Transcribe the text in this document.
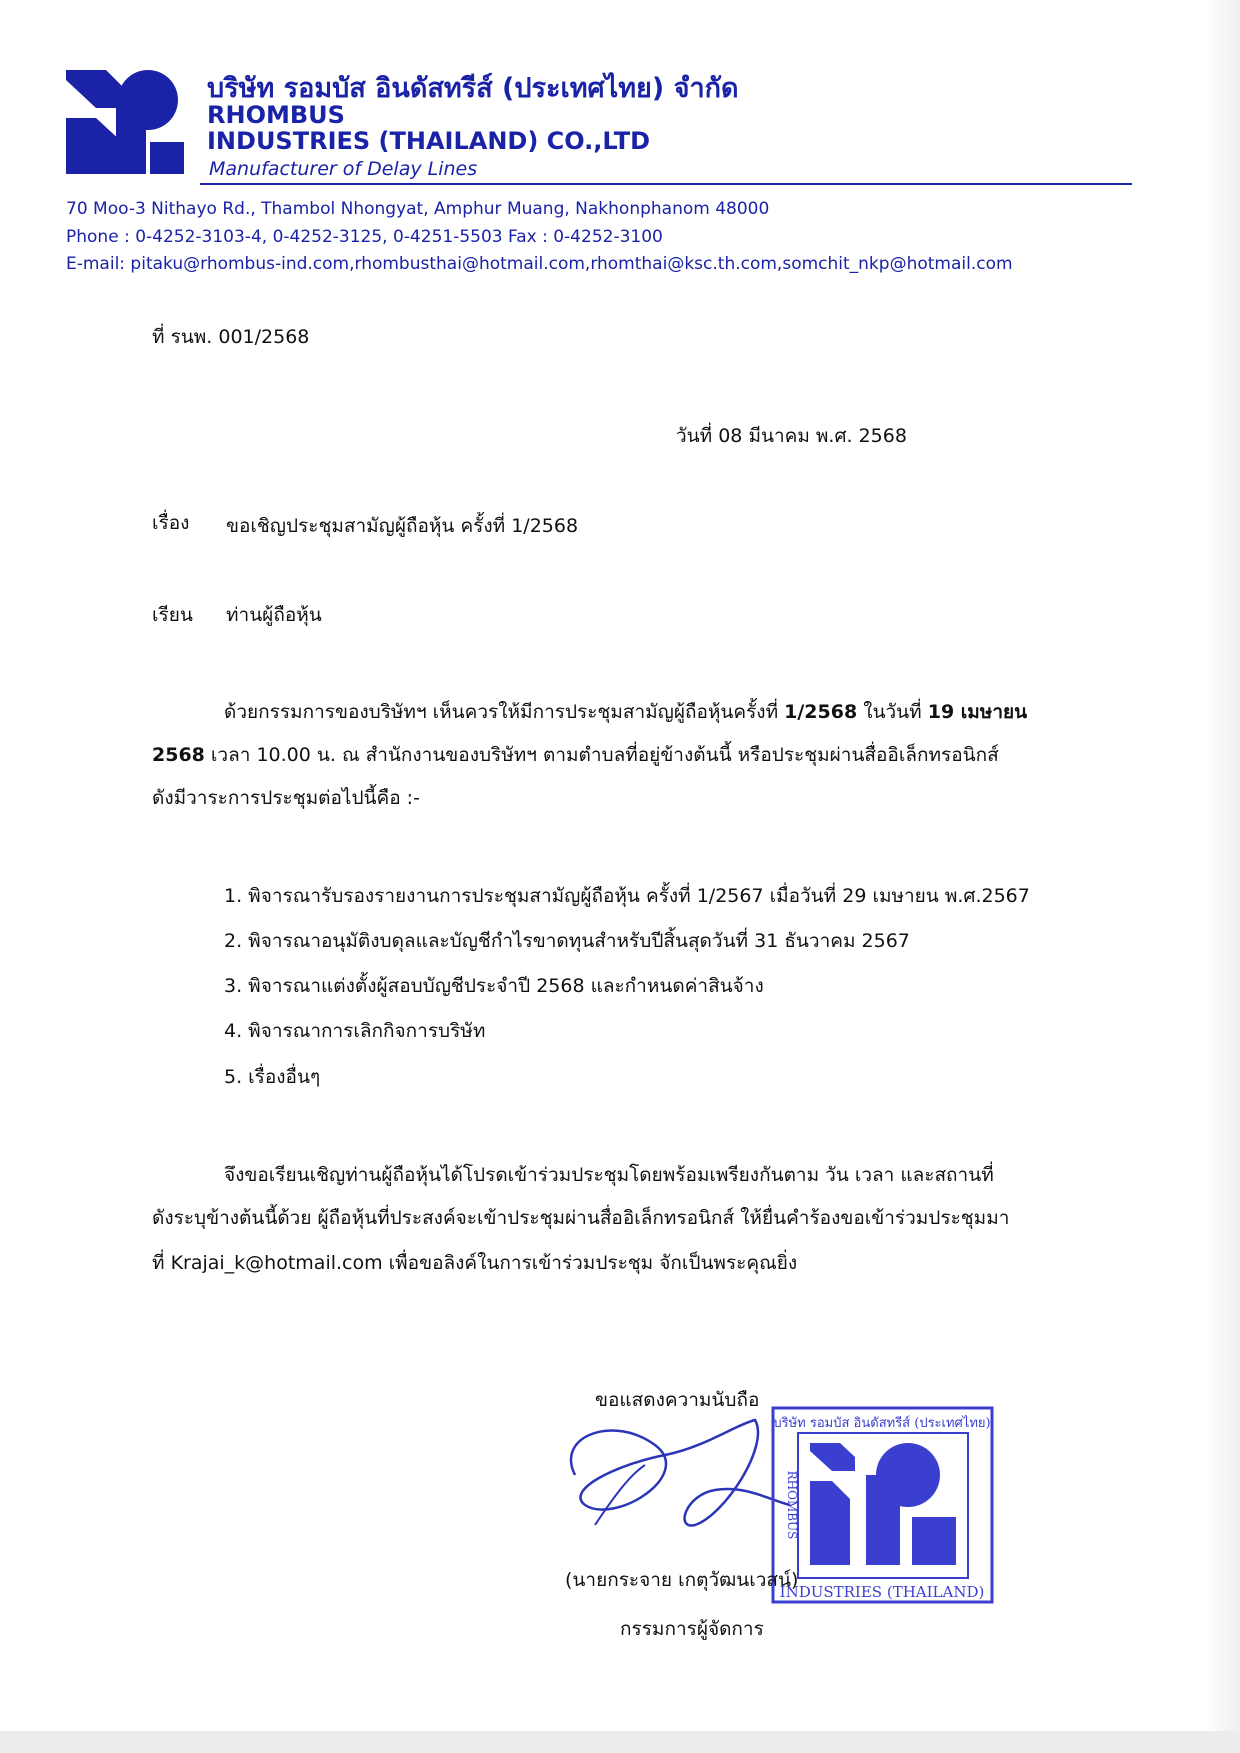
บริษัท รอมบัส อินดัสทรีส์ (ประเทศไทย) จำกัด
RHOMBUS
INDUSTRIES (THAILAND) CO.,LTD
Manufacturer of Delay Lines
70 Moo-3 Nithayo Rd., Thambol Nhongyat, Amphur Muang, Nakhonphanom 48000
Phone : 0-4252-3103-4, 0-4252-3125, 0-4251-5503 Fax : 0-4252-3100
E-mail: pitaku@rhombus-ind.com,rhombusthai@hotmail.com,rhomthai@ksc.th.com,somchit_nkp@hotmail.com
ที่ รนพ. 001/2568
วันที่ 08 มีนาคม พ.ศ. 2568
เรื่อง ขอเชิญประชุมสามัญผู้ถือหุ้น ครั้งที่ 1/2568
เรียน ท่านผู้ถือหุ้น
ด้วยกรรมการของบริษัทฯ เห็นควรให้มีการประชุมสามัญผู้ถือหุ้นครั้งที่ 1/2568 ในวันที่ 19 เมษายน
2568 เวลา 10.00 น. ณ สำนักงานของบริษัทฯ ตามตำบลที่อยู่ข้างต้นนี้ หรือประชุมผ่านสื่ออิเล็กทรอนิกส์
ดังมีวาระการประชุมต่อไปนี้คือ :-
1. พิจารณารับรองรายงานการประชุมสามัญผู้ถือหุ้น ครั้งที่ 1/2567 เมื่อวันที่ 29 เมษายน พ.ศ.2567
2. พิจารณาอนุมัติงบดุลและบัญชีกำไรขาดทุนสำหรับปีสิ้นสุดวันที่ 31 ธันวาคม 2567
3. พิจารณาแต่งตั้งผู้สอบบัญชีประจำปี 2568 และกำหนดค่าสินจ้าง
4. พิจารณาการเลิกกิจการบริษัท
5. เรื่องอื่นๆ
จึงขอเรียนเชิญท่านผู้ถือหุ้นได้โปรดเข้าร่วมประชุมโดยพร้อมเพรียงกันตาม วัน เวลา และสถานที่
ดังระบุข้างต้นนี้ด้วย ผู้ถือหุ้นที่ประสงค์จะเข้าประชุมผ่านสื่ออิเล็กทรอนิกส์ ให้ยื่นคำร้องขอเข้าร่วมประชุมมา
ที่ Krajai_k@hotmail.com เพื่อขอลิงค์ในการเข้าร่วมประชุม จักเป็นพระคุณยิ่ง
ขอแสดงความนับถือ
บริษัท รอมบัส อินดัสทรีส์ (ประเทศไทย)
INDUSTRIES (THAILAND)
RHOMBUS
(นายกระจาย เกตุวัฒนเวสน์)
กรรมการผู้จัดการ
